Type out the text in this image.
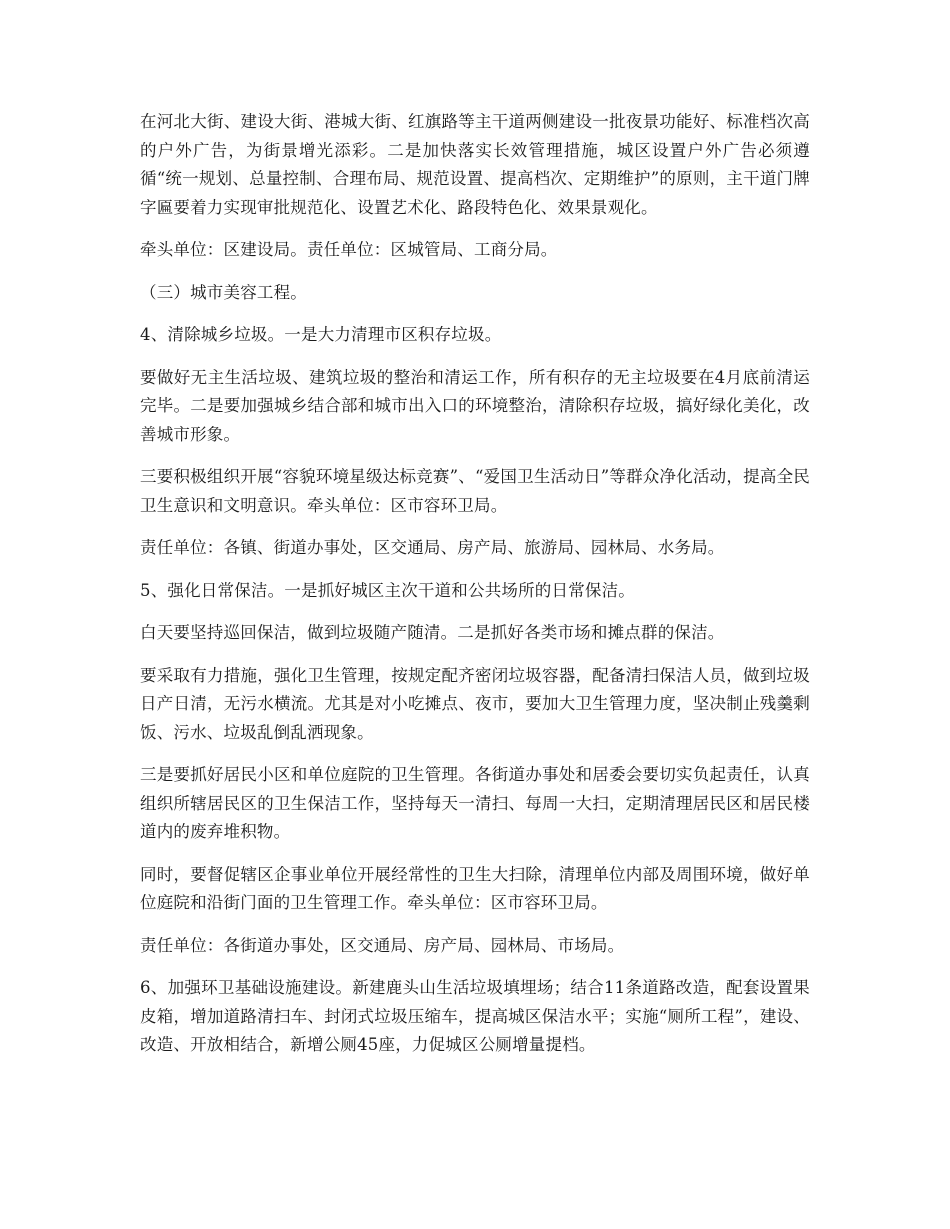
在河北大街、建设大街、港城大街、红旗路等主干道两侧建设一批夜景功能好、标准档次高的户外广告，为街景增光添彩。二是加快落实长效管理措施，城区设置户外广告必须遵循“统一规划、总量控制、合理布局、规范设置、提高档次、定期维护”的原则，主干道门牌字匾要着力实现审批规范化、设置艺术化、路段特色化、效果景观化。

牵头单位：区建设局。责任单位：区城管局、工商分局。

（三）城市美容工程。

4、清除城乡垃圾。一是大力清理市区积存垃圾。

要做好无主生活垃圾、建筑垃圾的整治和清运工作，所有积存的无主垃圾要在4月底前清运完毕。二是要加强城乡结合部和城市出入口的环境整治，清除积存垃圾，搞好绿化美化，改善城市形象。

三要积极组织开展“容貌环境星级达标竞赛”、“爱国卫生活动日”等群众净化活动，提高全民卫生意识和文明意识。牵头单位：区市容环卫局。

责任单位：各镇、街道办事处，区交通局、房产局、旅游局、园林局、水务局。

5、强化日常保洁。一是抓好城区主次干道和公共场所的日常保洁。

白天要坚持巡回保洁，做到垃圾随产随清。二是抓好各类市场和摊点群的保洁。

要采取有力措施，强化卫生管理，按规定配齐密闭垃圾容器，配备清扫保洁人员，做到垃圾日产日清，无污水横流。尤其是对小吃摊点、夜市，要加大卫生管理力度，坚决制止残羹剩饭、污水、垃圾乱倒乱洒现象。

三是要抓好居民小区和单位庭院的卫生管理。各街道办事处和居委会要切实负起责任，认真组织所辖居民区的卫生保洁工作，坚持每天一清扫、每周一大扫，定期清理居民区和居民楼道内的废弃堆积物。

同时，要督促辖区企事业单位开展经常性的卫生大扫除，清理单位内部及周围环境，做好单位庭院和沿街门面的卫生管理工作。牵头单位：区市容环卫局。

责任单位：各街道办事处，区交通局、房产局、园林局、市场局。

6、加强环卫基础设施建设。新建鹿头山生活垃圾填埋场；结合11条道路改造，配套设置果皮箱，增加道路清扫车、封闭式垃圾压缩车，提高城区保洁水平；实施“厕所工程”，建设、改造、开放相结合，新增公厕45座，力促城区公厕增量提档。
